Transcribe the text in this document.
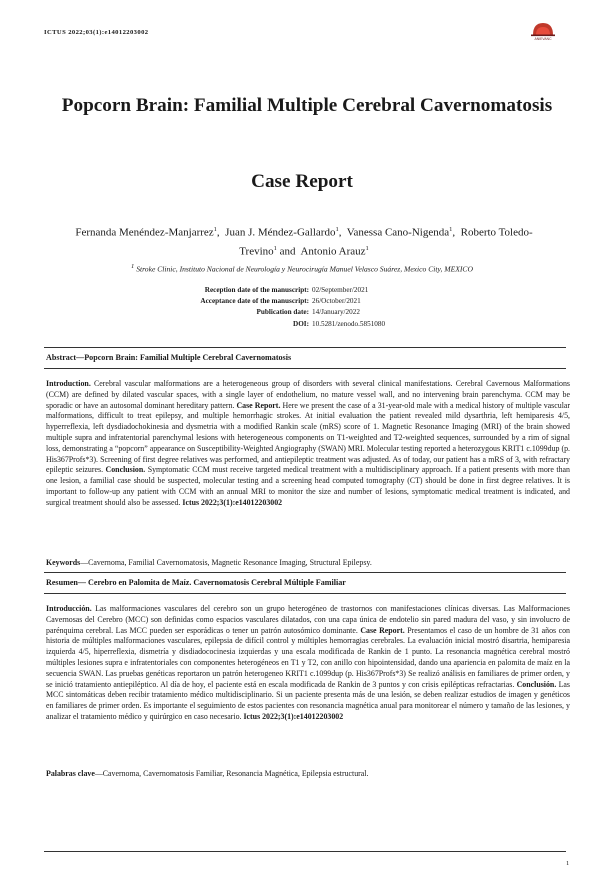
ICTUS 2022;03(1):e14012203002
ANIEVANC
Popcorn Brain: Familial Multiple Cerebral Cavernomatosis
Case Report
Fernanda Menéndez-Manjarrez$^1$,  Juan J. Méndez-Gallardo$^1$,  Vanessa Cano-Nigenda$^1$,  Roberto Toledo-Trevino$^1$ and  Antonio Arauz$^1$
$^1$ Stroke Clinic, Instituto Nacional de Neurología y Neurocirugía Manuel Velasco Suárez, Mexico City, MEXICO
Reception date of the manuscript: 02/September/2021
Acceptance date of the manuscript: 26/October/2021
Publication date: 14/January/2022
DOI: 10.5281/zenodo.5851080
Abstract—Popcorn Brain: Familial Multiple Cerebral Cavernomatosis

Introduction. Cerebral vascular malformations are a heterogeneous group of disorders with several clinical manifestations. Cerebral Cavernous Malformations (CCM) are defined by dilated vascular spaces, with a single layer of endothelium, no mature vessel wall, and no intervening brain parenchyma. CCM may be sporadic or have an autosomal dominant hereditary pattern. Case Report. Here we present the case of a 31-year-old male with a medical history of multiple vascular malformations, difficult to treat epilepsy, and multiple hemorrhagic strokes. At initial evaluation the patient revealed mild dysarthria, left hemiparesis 4/5, hyperreflexia, left dysdiadochokinesia and dysmetria with a modified Rankin scale (mRS) score of 1. Magnetic Resonance Imaging (MRI) of the brain showed multiple supra and infratentorial parenchymal lesions with heterogeneous components on T1-weighted and T2-weighted sequences, surrounded by a rim of signal loss, demonstrating a “popcorn” appearance on Susceptibility-Weighted Angiography (SWAN) MRI. Molecular testing reported a heterozygous KRIT1 c.1099dup (p. His367Profs*3). Screening of first degree relatives was performed, and antiepileptic treatment was adjusted. As of today, our patient has a mRS of 3, with refractary epileptic seizures. Conclusion. Symptomatic CCM must receive targeted medical treatment with a multidisciplinary approach. If a patient presents with more than one lesion, a familial case should be suspected, molecular testing and a screening head computed tomography (CT) should be done in first degree relatives. It is important to follow-up any patient with CCM with an annual MRI to monitor the size and number of lesions, symptomatic medical treatment is indicated, and surgical treatment should also be assessed. Ictus 2022;3(1):e14012203002

Keywords—Cavernoma, Familial Cavernomatosis, Magnetic Resonance Imaging, Structural Epilepsy.
Resumen— Cerebro en Palomita de Maíz. Cavernomatosis Cerebral Múltiple Familiar

Introducción. Las malformaciones vasculares del cerebro son un grupo heterogéneo de trastornos con manifestaciones clínicas diversas. Las Malformaciones Cavernosas del Cerebro (MCC) son definidas como espacios vasculares dilatados, con una capa única de endotelio sin pared madura del vaso, y sin involucro de parénquima cerebral. Las MCC pueden ser esporádicas o tener un patrón autosómico dominante. Case Report. Presentamos el caso de un hombre de 31 años con historia de múltiples malformaciones vasculares, epilepsia de difícil control y múltiples hemorragias cerebrales. La evaluación inicial mostró disartria, hemiparesia izquierda 4/5, hiperreflexia, dismetría y disdiadococinesia izquierdas y una escala modificada de Rankin de 1 punto. La resonancia magnética cerebral mostró múltiples lesiones supra e infratentoriales con componentes heterogéneos en T1 y T2, con anillo con hipointensidad, dando una apariencia en palomita de maíz en la secuencia SWAN. Las pruebas genéticas reportaron un patrón heterogeneo KRIT1 c.1099dup (p. His367Profs*3) Se realizó análisis en familiares de primer orden, y se inició tratamiento antiepiléptico. Al día de hoy, el paciente está en escala modificada de Rankin de 3 puntos y con crisis epilépticas refractarias. Conclusión. Las MCC sintomáticas deben recibir tratamiento médico multidisciplinario. Si un paciente presenta más de una lesión, se deben realizar estudios de imagen y genéticos en familiares de primer orden. Es importante el seguimiento de estos pacientes con resonancia magnética anual para monitorear el número y tamaño de las lesiones, y analizar el tratamiento médico y quirúrgico en caso necesario. Ictus 2022;3(1):e14012203002

Palabras clave—Cavernoma, Cavernomatosis Familiar, Resonancia Magnética, Epilepsia estructural.
1
